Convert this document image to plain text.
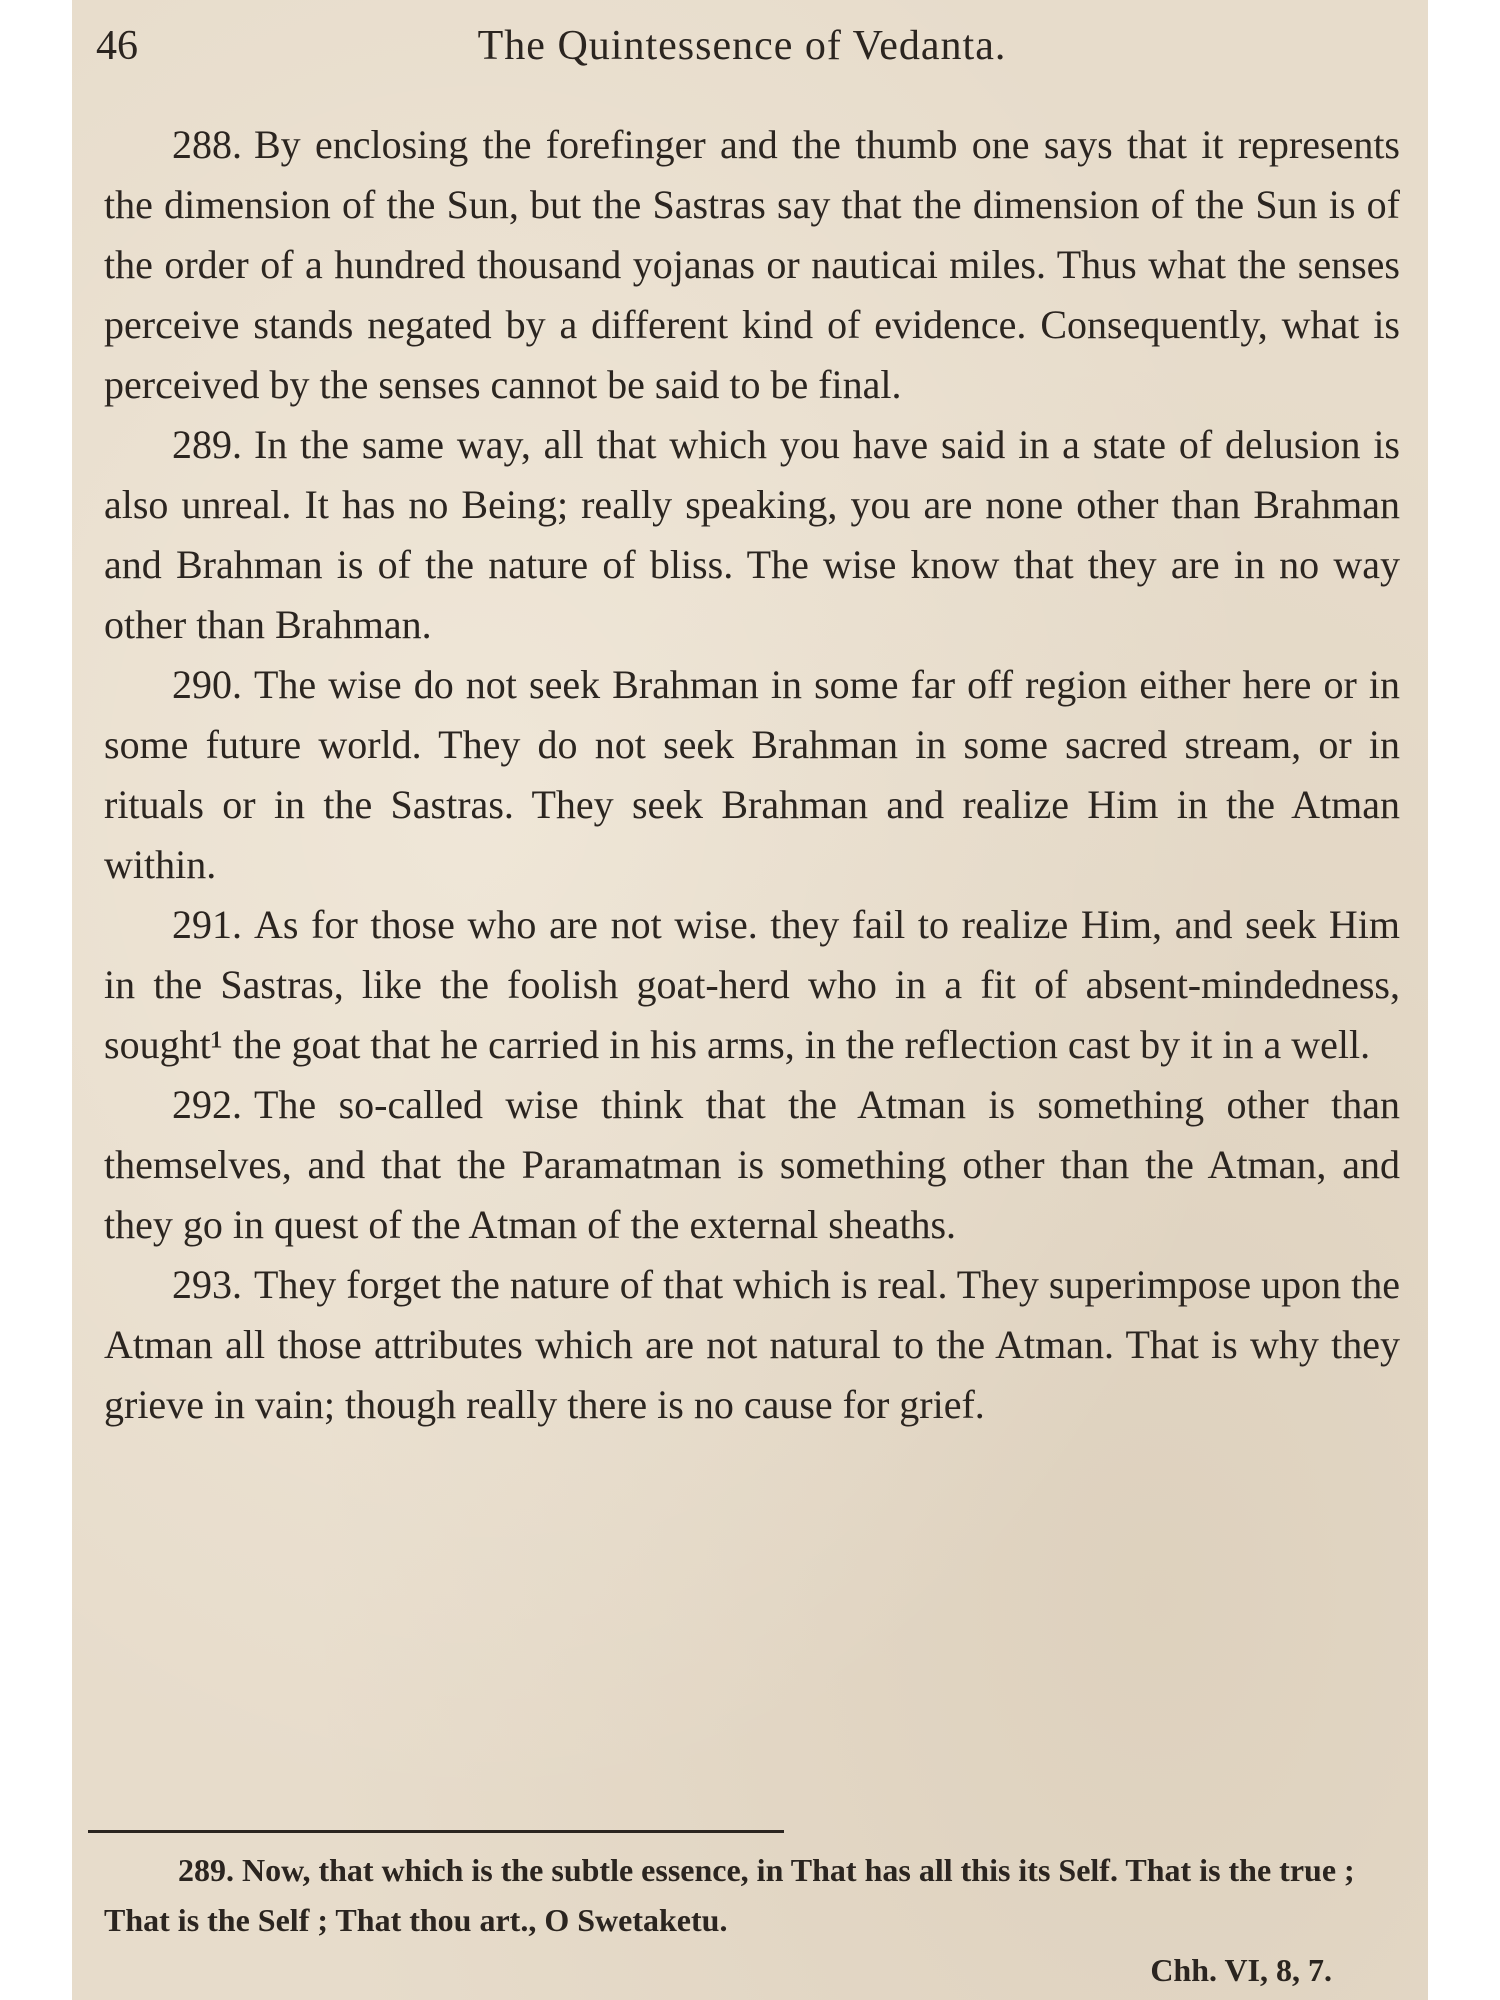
46	The Quintessence of Vedanta.

288. By enclosing the forefinger and the thumb one says that it represents the dimension of the Sun, but the Sastras say that the dimension of the Sun is of the order of a hundred thousand yojanas or nauticai miles. Thus what the senses perceive stands negated by a different kind of evidence. Consequently, what is perceived by the senses cannot be said to be final.

289. In the same way, all that which you have said in a state of delusion is also unreal. It has no Being; really speaking, you are none other than Brahman and Brahman is of the nature of bliss. The wise know that they are in no way other than Brahman.

290. The wise do not seek Brahman in some far off region either here or in some future world. They do not seek Brahman in some sacred stream, or in rituals or in the Sastras. They seek Brahman and realize Him in the Atman within.

291. As for those who are not wise. they fail to realize Him, and seek Him in the Sastras, like the foolish goat-herd who in a fit of absent-mindedness, sought¹ the goat that he carried in his arms, in the reflection cast by it in a well.

292. The so-called wise think that the Atman is something other than themselves, and that the Paramatman is something other than the Atman, and they go in quest of the Atman of the external sheaths.

293. They forget the nature of that which is real. They superimpose upon the Atman all those attributes which are not natural to the Atman. That is why they grieve in vain; though really there is no cause for grief.

289. Now, that which is the subtle essence, in That has all this its Self. That is the true ; That is the Self ; That thou art., O Swetaketu.

Chh. VI, 8, 7.
